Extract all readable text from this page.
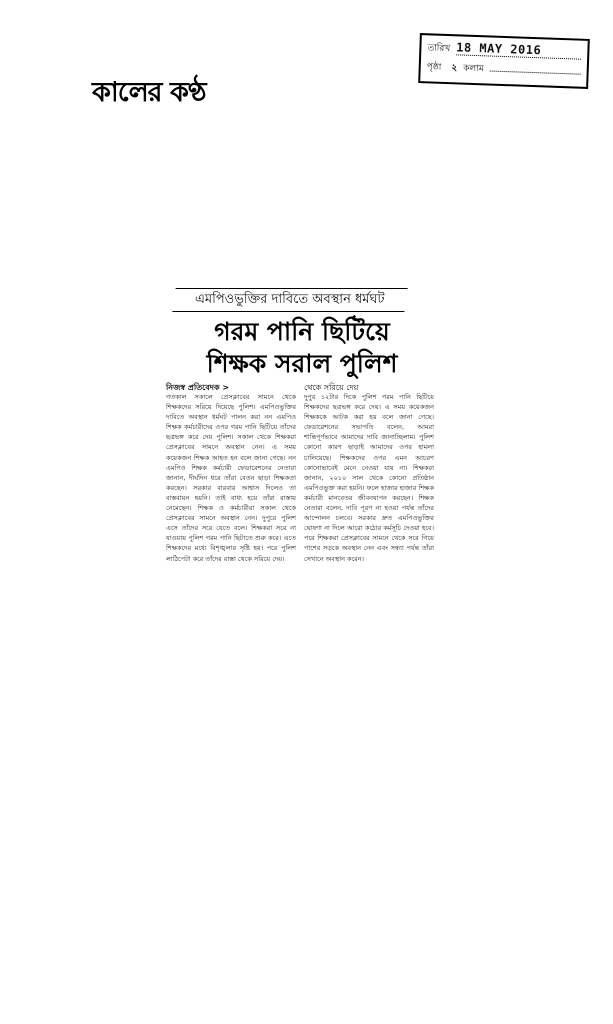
কালের কণ্ঠ
তারিখ 18 MAY 2016
পৃষ্ঠা ২ কলাম
এমপিওভুক্তির দাবিতে অবস্থান ধর্মঘট
গরম পানি ছিটিয়ে
শিক্ষক সরাল পুলিশ
নিজস্ব প্রতিবেদক >	থেকে সরিয়ে দেয়

গতকাল সকালে প্রেসক্লাবের সামনে থেকে শিক্ষকদের সরিয়ে দিয়েছে পুলিশ। এমপিওভুক্তির দাবিতে অবস্থান ধর্মঘট পালন করা নন এমপিও শিক্ষক কর্মচারীদের ওপর গরম পানি ছিটিয়ে তাঁদের ছত্রভঙ্গ করে দেয় পুলিশ। সকাল থেকে শিক্ষকরা প্রেসক্লাবের সামনে অবস্থান নেন। এ সময় কয়েকজন শিক্ষক আহত হন বলে জানা গেছে। নন এমপিও শিক্ষক কর্মচারী ফেডারেশনের নেতারা জানান, দীর্ঘদিন ধরে তাঁরা বেতন ছাড়া শিক্ষকতা করছেন। সরকার বারবার আশ্বাস দিলেও তা বাস্তবায়ন হয়নি। তাই বাধ্য হয়ে তাঁরা রাস্তায় নেমেছেন। শিক্ষক ও কর্মচারীরা সকাল থেকে প্রেসক্লাবের সামনে অবস্থান নেন। দুপুরে পুলিশ এসে তাঁদের সরে যেতে বলে। শিক্ষকরা সরে না যাওয়ায় পুলিশ গরম পানি ছিটাতে শুরু করে। এতে শিক্ষকদের মধ্যে বিশৃঙ্খলার সৃষ্টি হয়। পরে পুলিশ লাঠিপেটা করে তাঁদের রাস্তা থেকে সরিয়ে দেয়।

দুপুর ১২টার দিকে পুলিশ গরম পানি ছিটিয়ে শিক্ষকদের ছত্রভঙ্গ করে দেয়। এ সময় কয়েকজন শিক্ষককে আটক করা হয় বলে জানা গেছে। ফেডারেশনের সভাপতি বলেন, আমরা শান্তিপূর্ণভাবে আমাদের দাবি জানাচ্ছিলাম। পুলিশ কোনো কারণ ছাড়াই আমাদের ওপর হামলা চালিয়েছে। শিক্ষকদের ওপর এমন আচরণ কোনোভাবেই মেনে নেওয়া যায় না। শিক্ষকরা জানান, ২০১০ সাল থেকে কোনো প্রতিষ্ঠান এমপিওভুক্ত করা হয়নি। ফলে হাজার হাজার শিক্ষক কর্মচারী মানবেতর জীবনযাপন করছেন। শিক্ষক নেতারা বলেন, দাবি পূরণ না হওয়া পর্যন্ত তাঁদের আন্দোলন চলবে। সরকার দ্রুত এমপিওভুক্তির ঘোষণা না দিলে আরো কঠোর কর্মসূচি দেওয়া হবে। পরে শিক্ষকরা প্রেসক্লাবের সামনে থেকে সরে গিয়ে পাশের সড়কে অবস্থান নেন এবং সন্ধ্যা পর্যন্ত তাঁরা সেখানে অবস্থান করেন।
